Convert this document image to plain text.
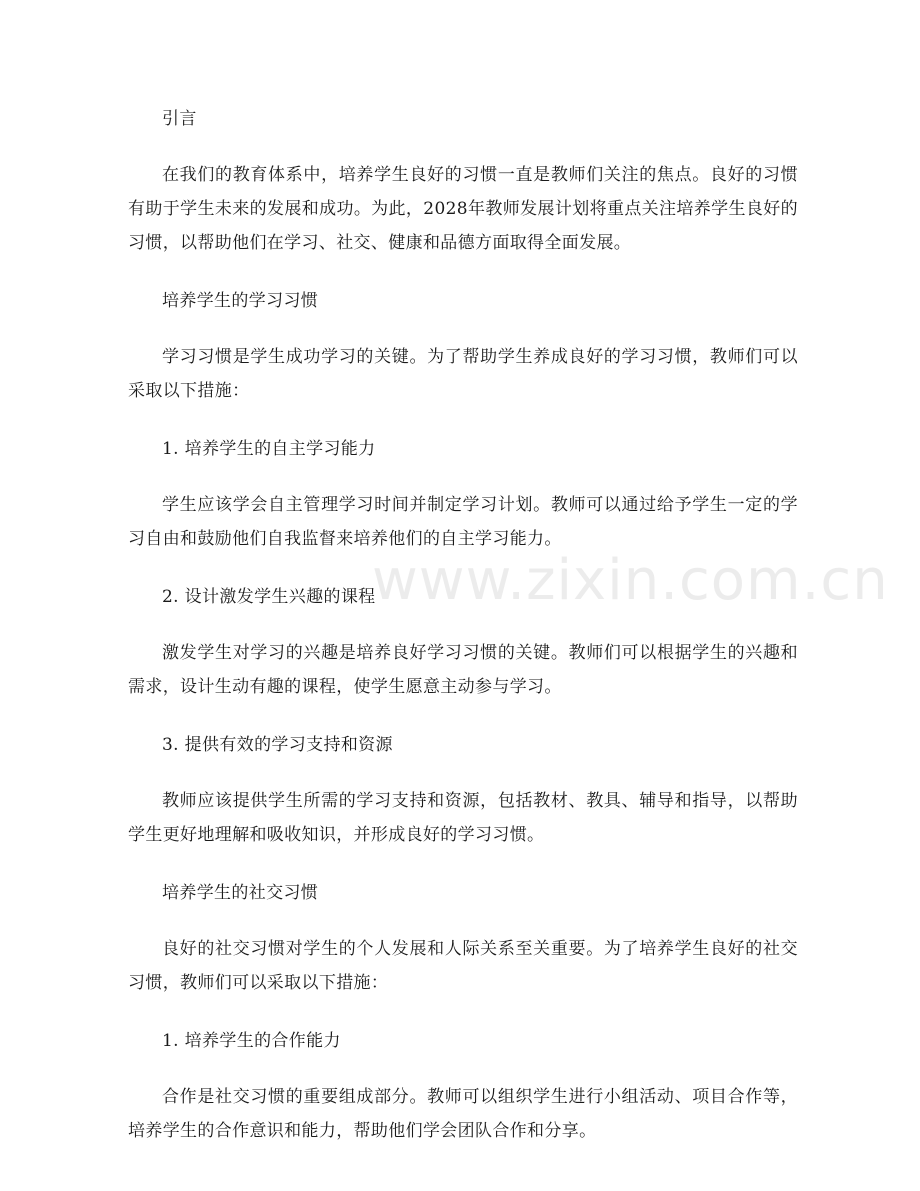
引言

在我们的教育体系中，培养学生良好的习惯一直是教师们关注的焦点。良好的习惯有助于学生未来的发展和成功。为此，2028年教师发展计划将重点关注培养学生良好的习惯，以帮助他们在学习、社交、健康和品德方面取得全面发展。

培养学生的学习习惯

学习习惯是学生成功学习的关键。为了帮助学生养成良好的学习习惯，教师们可以采取以下措施：

1. 培养学生的自主学习能力

学生应该学会自主管理学习时间并制定学习计划。教师可以通过给予学生一定的学习自由和鼓励他们自我监督来培养他们的自主学习能力。

2. 设计激发学生兴趣的课程

激发学生对学习的兴趣是培养良好学习习惯的关键。教师们可以根据学生的兴趣和需求，设计生动有趣的课程，使学生愿意主动参与学习。

3. 提供有效的学习支持和资源

教师应该提供学生所需的学习支持和资源，包括教材、教具、辅导和指导，以帮助学生更好地理解和吸收知识，并形成良好的学习习惯。

培养学生的社交习惯

良好的社交习惯对学生的个人发展和人际关系至关重要。为了培养学生良好的社交习惯，教师们可以采取以下措施：

1. 培养学生的合作能力

合作是社交习惯的重要组成部分。教师可以组织学生进行小组活动、项目合作等，培养学生的合作意识和能力，帮助他们学会团队合作和分享。

www.zixin.com.cn
